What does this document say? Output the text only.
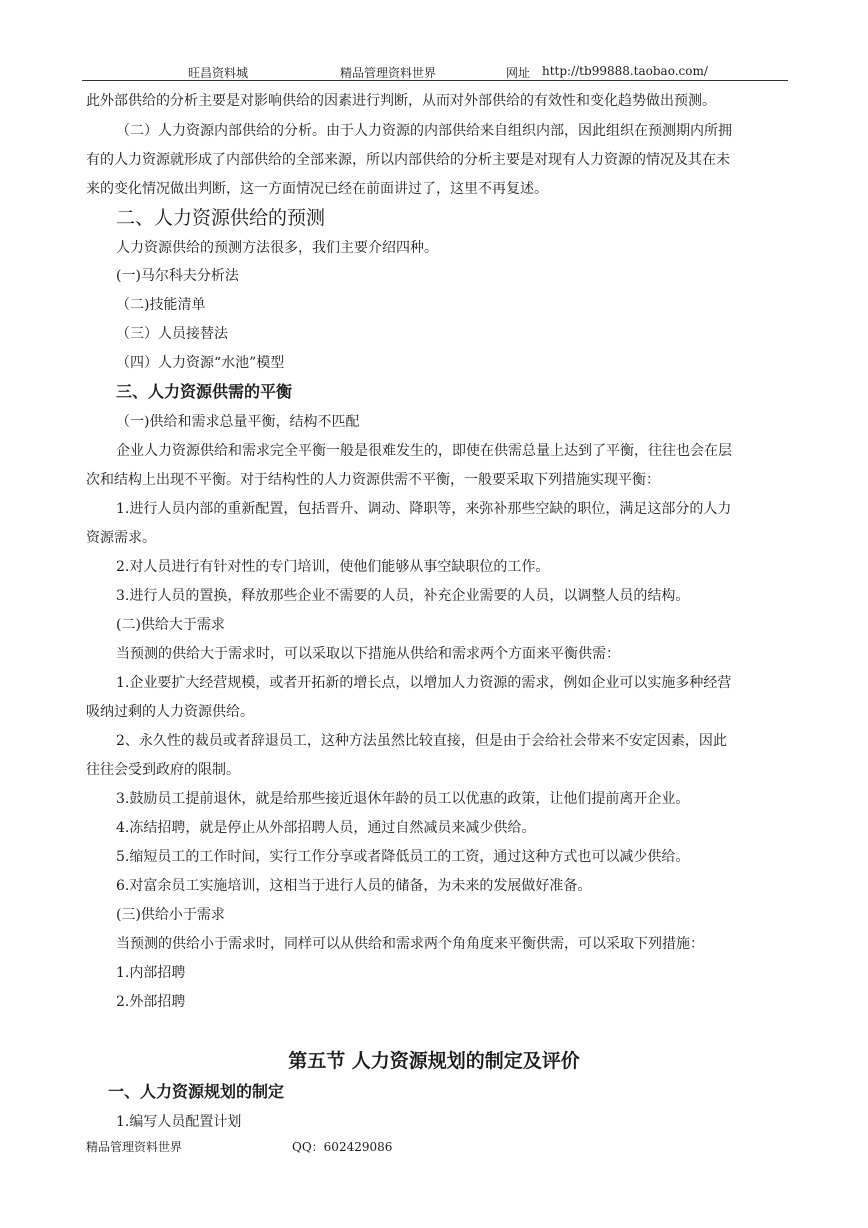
旺昌资料城	精品管理资料世界	网址 http://tb99888.taobao.com/
此外部供给的分析主要是对影响供给的因素进行判断，从而对外部供给的有效性和变化趋势做出预测。
（二）人力资源内部供给的分析。由于人力资源的内部供给来自组织内部，因此组织在预测期内所拥
有的人力资源就形成了内部供给的全部来源，所以内部供给的分析主要是对现有人力资源的情况及其在未
来的变化情况做出判断，这一方面情况已经在前面讲过了，这里不再复述。
二、人力资源供给的预测
人力资源供给的预测方法很多，我们主要介绍四种。
(一)马尔科夫分析法
（二)技能清单
（三）人员接替法
（四）人力资源“水池”模型
三、人力资源供需的平衡
（一)供给和需求总量平衡，结构不匹配
企业人力资源供给和需求完全平衡一般是很难发生的，即使在供需总量上达到了平衡，往往也会在层
次和结构上出现不平衡。对于结构性的人力资源供需不平衡，一般要采取下列措施实现平衡：
1.进行人员内部的重新配置，包括晋升、调动、降职等，来弥补那些空缺的职位，满足这部分的人力
资源需求。
2.对人员进行有针对性的专门培训，使他们能够从事空缺职位的工作。
3.进行人员的置换，释放那些企业不需要的人员，补充企业需要的人员，以调整人员的结构。
(二)供给大于需求
当预测的供给大于需求时，可以采取以下措施从供给和需求两个方面来平衡供需：
1.企业要扩大经营规模，或者开拓新的增长点，以增加人力资源的需求，例如企业可以实施多种经营
吸纳过剩的人力资源供给。
2、永久性的裁员或者辞退员工，这种方法虽然比较直接，但是由于会给社会带来不安定因素，因此
往往会受到政府的限制。
3.鼓励员工提前退休，就是给那些接近退休年龄的员工以优惠的政策，让他们提前离开企业。
4.冻结招聘，就是停止从外部招聘人员，通过自然减员来减少供给。
5.缩短员工的工作时间，实行工作分享或者降低员工的工资，通过这种方式也可以减少供给。
6.对富余员工实施培训，这相当于进行人员的储备，为未来的发展做好准备。
(三)供给小于需求
当预测的供给小于需求时，同样可以从供给和需求两个角角度来平衡供需，可以采取下列措施：
1.内部招聘
2.外部招聘
第五节 人力资源规划的制定及评价
一、人力资源规划的制定
1.编写人员配置计划
精品管理资料世界	QQ：602429086
